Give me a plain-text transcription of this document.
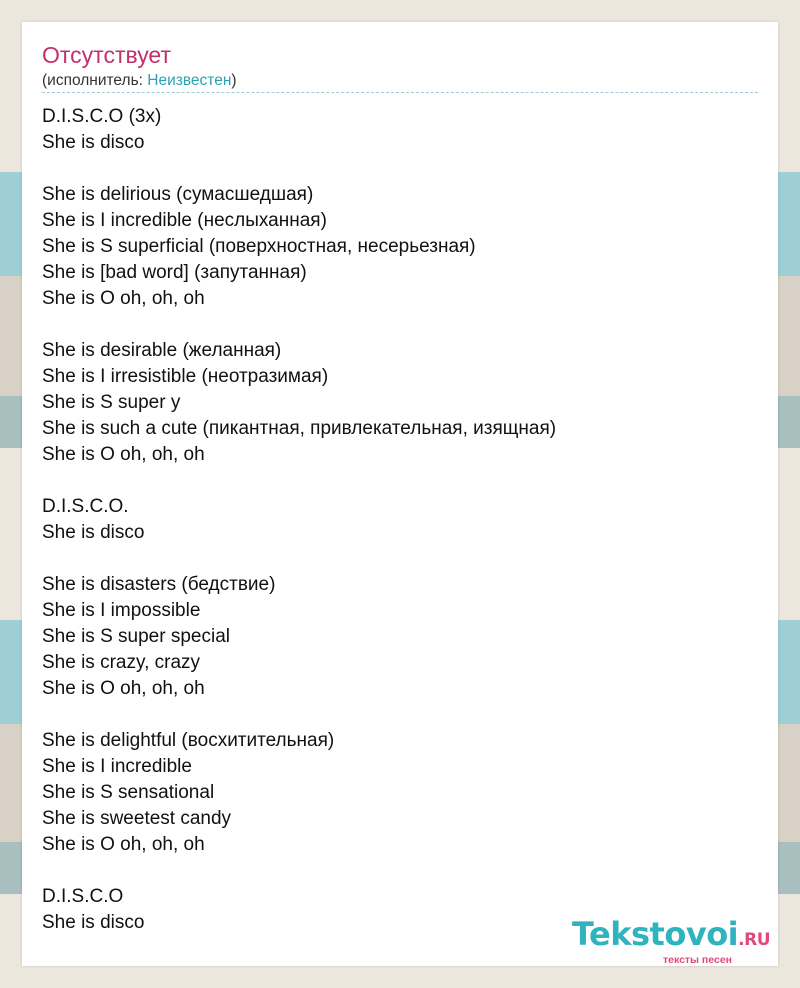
Отсутствует
(исполнитель: Неизвестен)
D.I.S.C.O (3x)
She is disco
She is delirious (сумасшедшая)
She is I incredible (неслыханная)
She is S superficial (поверхностная, несерьезная)
She is [bad word] (запутанная)
She is O oh, oh, oh
She is desirable (желанная)
She is I irresistible (неотразимая)
She is S super y
She is such a cute (пикантная, привлекательная, изящная)
She is O oh, oh, oh
D.I.S.C.O.
She is disco
She is disasters (бедствие)
She is I impossible
She is S super special
She is crazy, crazy
She is O oh, oh, oh
She is delightful (восхитительная)
She is I incredible
She is S sensational
She is sweetest candy
She is O oh, oh, oh
D.I.S.C.O
She is disco	Tekstovoi.RU
тексты песен
